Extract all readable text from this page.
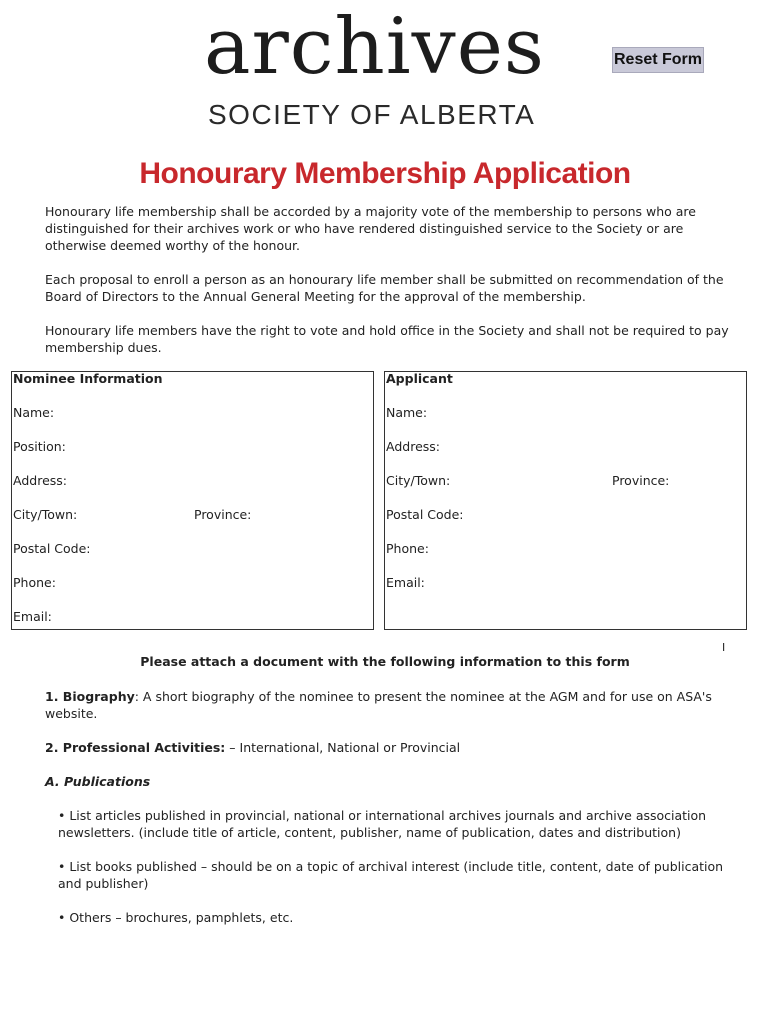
archives
SOCIETY OF ALBERTA
Reset Form
Honourary Membership Application
Honourary life membership shall be accorded by a majority vote of the membership to persons who are distinguished for their archives work or who have rendered distinguished service to the Society or are otherwise deemed worthy of the honour.
Each proposal to enroll a person as an honourary life member shall be submitted on recommendation of the Board of Directors to the Annual General Meeting for the approval of the membership.
Honourary life members have the right to vote and hold office in the Society and shall not be required to pay membership dues.
Nominee Information
Name:
Position:
Address:
City/Town:	Province:
Postal Code:
Phone:
Email:
Applicant
Name:
Address:
City/Town:	Province:
Postal Code:
Phone:
Email:
I
Please attach a document with the following information to this form
1. Biography: A short biography of the nominee to present the nominee at the AGM and for use on ASA's website.
2. Professional Activities: – International, National or Provincial
A. Publications
• List articles published in provincial, national or international archives journals and archive association newsletters. (include title of article, content, publisher, name of publication, dates and distribution)
• List books published – should be on a topic of archival interest (include title, content, date of publication and publisher)
• Others – brochures, pamphlets, etc.
